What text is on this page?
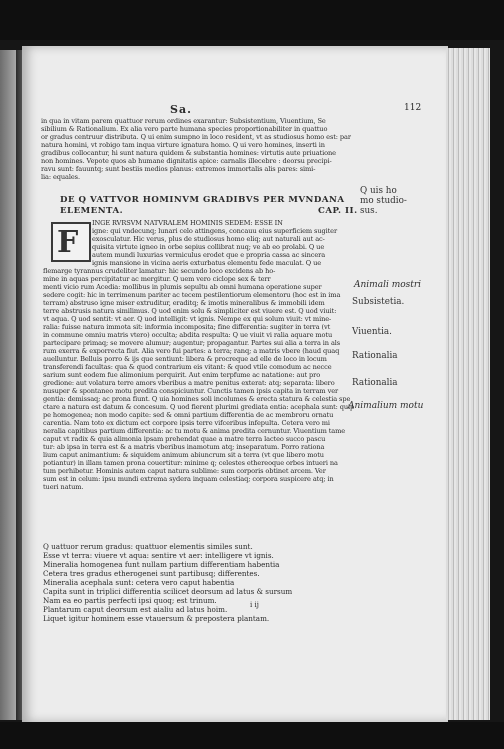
Sa.	112
in qua in vitam parem quattuor rerum ordines exarantur: Subsistentium, Viuentium, Se
sibilium & Rationalium. Ex alia vero parte humana species proportionabiliter in quattuo
or gradus centruur distributa. Q ui enim sumpno in loco resident, vt as studiosus homo est: par
natura homini, vt robigo tam inqua virture ignatura homo. Q ui vero homines, inserti in
gradibus collocantur, hi sunt natura quidem & substantia homines: virtutis aute priuatione
non homines. Vepote quos ab humane dignitatis apice: carnalis illecebre : deorsu precipi-
ravu sunt: fauuntq; sunt bestiis medios planus: extremos immortalis alis pares: simi-
lia: equales.
DE Q VATTVOR HOMINVM GRADIBVS PER MVNDANA
ELEMENTA.	CAP. II.
F
INGE RVRSVM NATVRALEM HOMINIS SEDEM: ESSE IN
igne: qui vndecunq; lunari celo attingens, concauu eius superficiem sugiter
exosculatur. Hic verus, plus de studiosus homo eliq; aut naturali aut ac-
quisita virtute igneo in orbe sepius collibrat nuq; ve ab eo prolabi. Q ue
autem mundi luxurias vermiculus erodet que e propria cassa ac sincera
ignis mansione in vicina aeris exturbatus elementu fede maculat. Q ue
flemarge tyrannus crudeliter lamatur: hic secundo loco excidens ab ho-
mine in aquas percipitatur ac mergitur. Q uem vero ciclope sex & terr
menti vicio rum Acedia: mollibus in plumis sepultu ab omni humana operatione super
sedere cogit: hic in terrimenum pariter ac tecem pestilentiorum elementoru (hoc est in ima
terram) abstruso igne miser extruditur, eraditq; & imotis mineralibus & immobili idem
terre abstrusis natura similimus. Q uod enim solu & simpliciter est viuere est. Q uod viuit:
vt aqua. Q uod sentit: vt aer. Q uod intelligit: vt ignis. Nempe ex qui solum viuit: vt mine-
ralia: fuisse natura immota sit: informia incomposita; fine differentia: sugiter in terra (vt
in commune omniu matris vtero) occulta; abdita respulta: Q ue viuit vi ralia aquare motu
partecipare primaq; se movere alumur; augentur; propagantur. Partes sui alia a terra in als
rum exerra & exporrecta fiut. Alia vero fui partes: a terra; ranq; a matris vbere (haud quaq
auelluntur. Belluis porro & ijs que sentiunt: libera & procreque ad elle de loco in locum
transferendi facultas: qua & quod contrarium eis vitant: & quod vtile comodum ac necce
sarium sunt eodem fue alimonium perquirit. Aut enim terpfume ac natatione: aut pro
gredione: aut volatura terre amors vberibus a matre penitus exterat: atq; separata: libero
nusuper & spontaneo motu predita conspiciuntur. Cunctis tamen ipsis capita in terram ver
gentia: demissaq; ac prona fiunt. Q uia homines soli incolumes & erecta statura & celestia spe
ctare a natura est datum & concesum. Q uod fierent plurimi grediata entia: acephala sunt: quip
pe homogenea; non modo capite: sed & omni partium differentia de ac membroru ornatu
carentia. Nam toto ex dictum ect corpore ipsis terre vifceribus infepulta. Cetera vero mi
neralia capitibus partium differentia: ac tu motu & anima predita cernuntur. Viuentium tame
caput vt radix & quia alimonia ipsam prehendat quae a matre terra lacteo succo pascu
tur: ab ipsa in terra est & a matris vberibus inamotum atq; inseparatum. Porro rationa
lium caput animantium: & siquidem animum abiuncrum sit a terra (vt que libero motu
potiantur) in illam tamen prona couertitur: minime q; celestes ethereoque orbes intueri na
tum perhibetur. Hominis autem caput natura sublime: sum corporis obtinet arcem. Ver
sum est in celum: ipsu mundi extrema sydera inquam celestiaq; corpora suspicere atq; in
tueri natum.
Q uattuor rerum gradus: quattuor elementis similes sunt.
Esse vt terra: viuere vt aqua: sentire vt aer: intelligere vt ignis.
Mineralia homogenea funt nullam partium differentiam habentia
Cetera tres gradus etherogenei sunt partibusq; differentes.
Mineralia acephala sunt: cetera vero caput habentia
Capita sunt in triplici differentia scilicet deorsum ad latus & sursum
Nam ea eo partis perfecti ipsi quoq; est trinum.
Plantarum caput deorsum est aialiu ad latus hoim.
Liquet igitur hominem esse vtauersum & prepostera plantam.
i ij
Q uis ho
mo studio-
sus.
Animali mostri
Subsistetia.
Viuentia.
Rationalia
Rationalia
Animalium motu
